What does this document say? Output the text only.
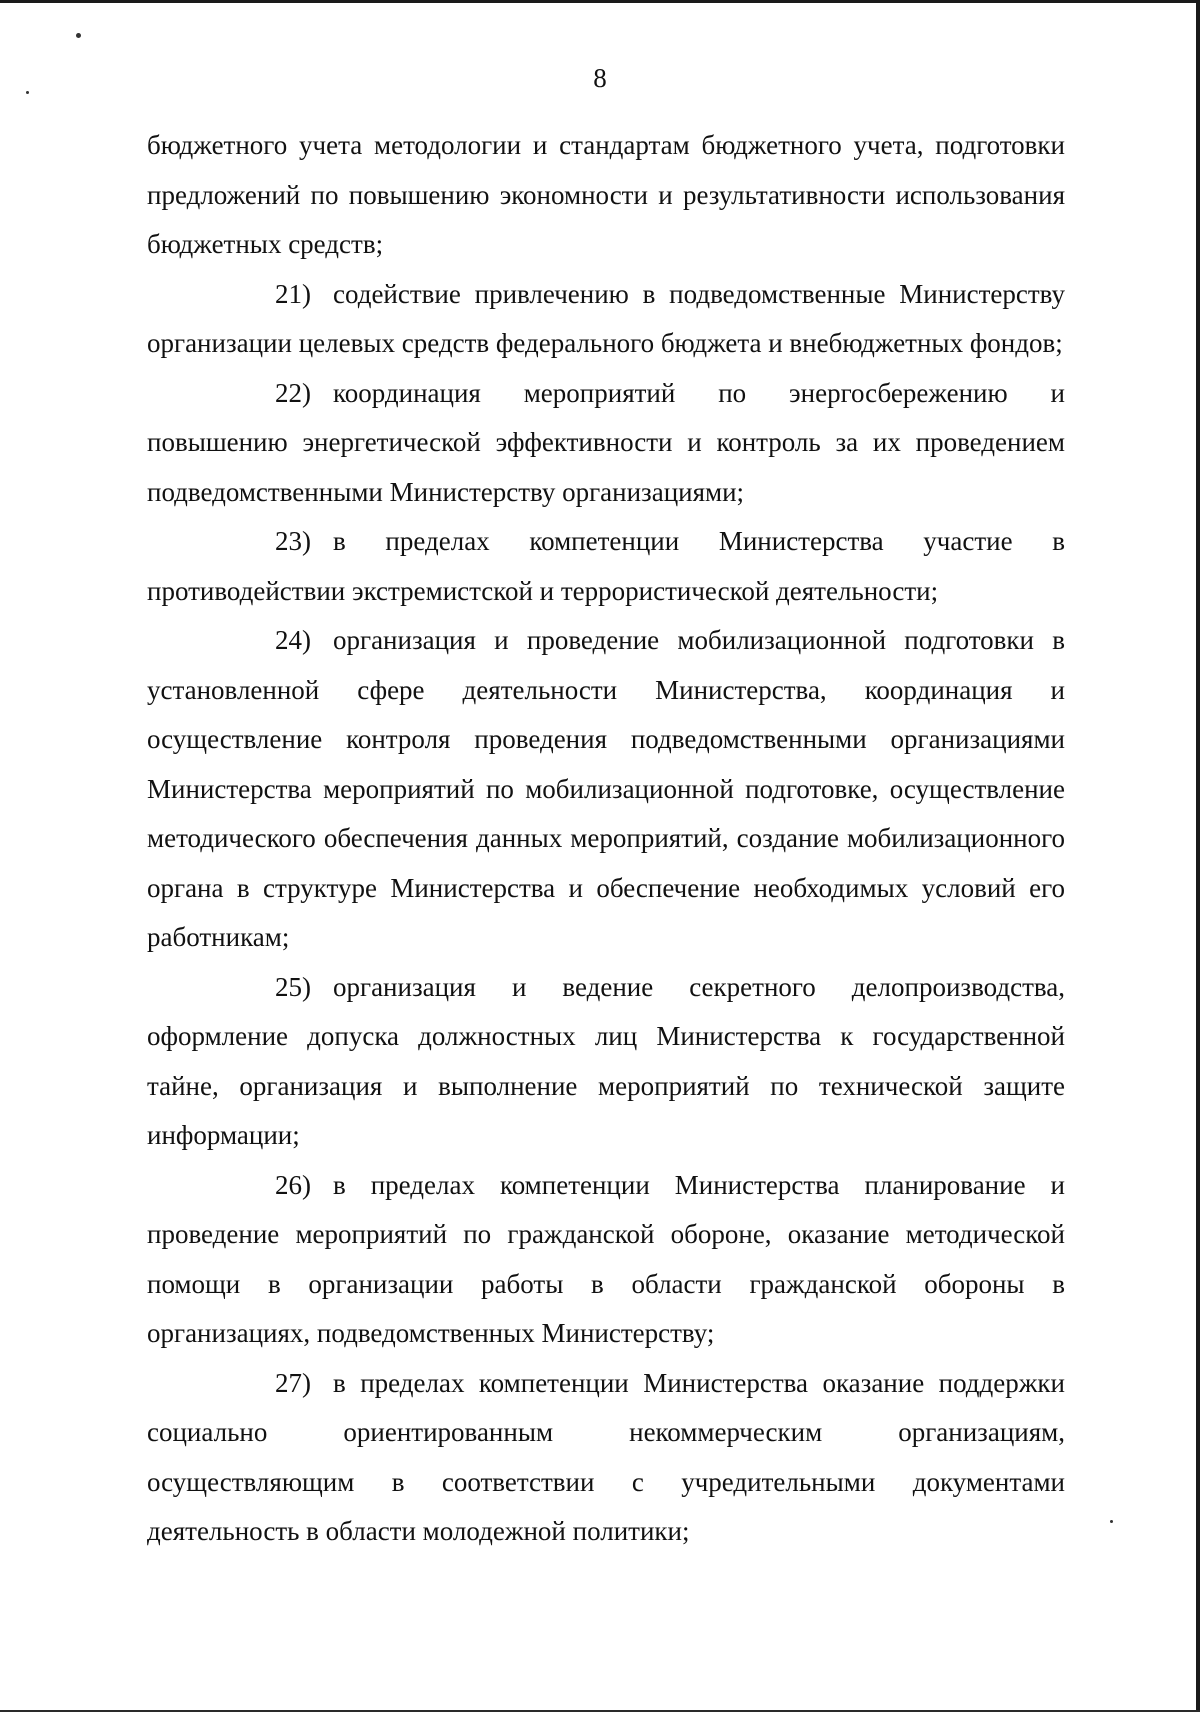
8

бюджетного учета методологии и стандартам бюджетного учета, подготовки предложений по повышению экономности и результативности использования бюджетных средств;

21) содействие привлечению в подведомственные Министерству организации целевых средств федерального бюджета и внебюджетных фондов;

22) координация мероприятий по энергосбережению и повышению энергетической эффективности и контроль за их проведением подведомственными Министерству организациями;

23) в пределах компетенции Министерства участие в противодействии экстремистской и террористической деятельности;

24) организация и проведение мобилизационной подготовки в установленной сфере деятельности Министерства, координация и осуществление контроля проведения подведомственными организациями Министерства мероприятий по мобилизационной подготовке, осуществление методического обеспечения данных мероприятий, создание мобилизационного органа в структуре Министерства и обеспечение необходимых условий его работникам;

25) организация и ведение секретного делопроизводства, оформление допуска должностных лиц Министерства к государственной тайне, организация и выполнение мероприятий по технической защите информации;

26) в пределах компетенции Министерства планирование и проведение мероприятий по гражданской обороне, оказание методической помощи в организации работы в области гражданской обороны в организациях, подведомственных Министерству;

27) в пределах компетенции Министерства оказание поддержки социально ориентированным некоммерческим организациям, осуществляющим в соответствии с учредительными документами деятельность в области молодежной политики;
